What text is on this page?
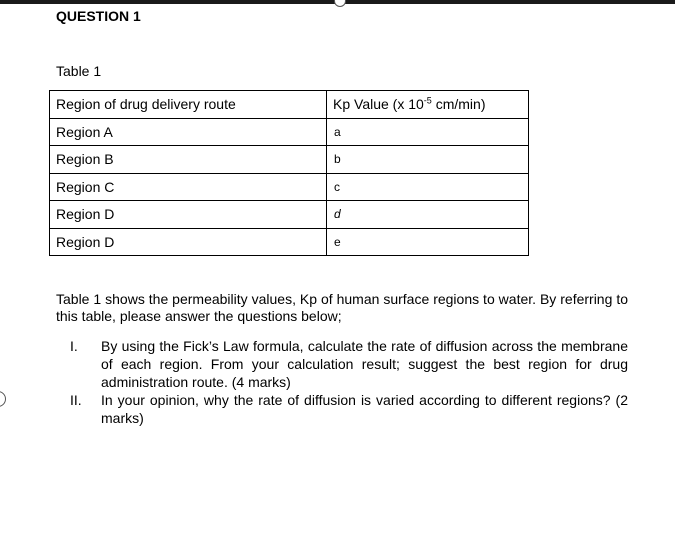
QUESTION 1
Table 1
Region of drug delivery route	Kp Value (x $10^{-5}$ cm/min)
Region A	a
Region B	b
Region C	c
Region D	d
Region D	e
Table 1 shows the permeability values, Kp of human surface regions to water. By referring to this table, please answer the questions below;
I.	By using the Fick’s Law formula, calculate the rate of diffusion across the membrane of each region. From your calculation result; suggest the best region for drug administration route. (4 marks)
II.	In your opinion, why the rate of diffusion is varied according to different regions? (2 marks)
